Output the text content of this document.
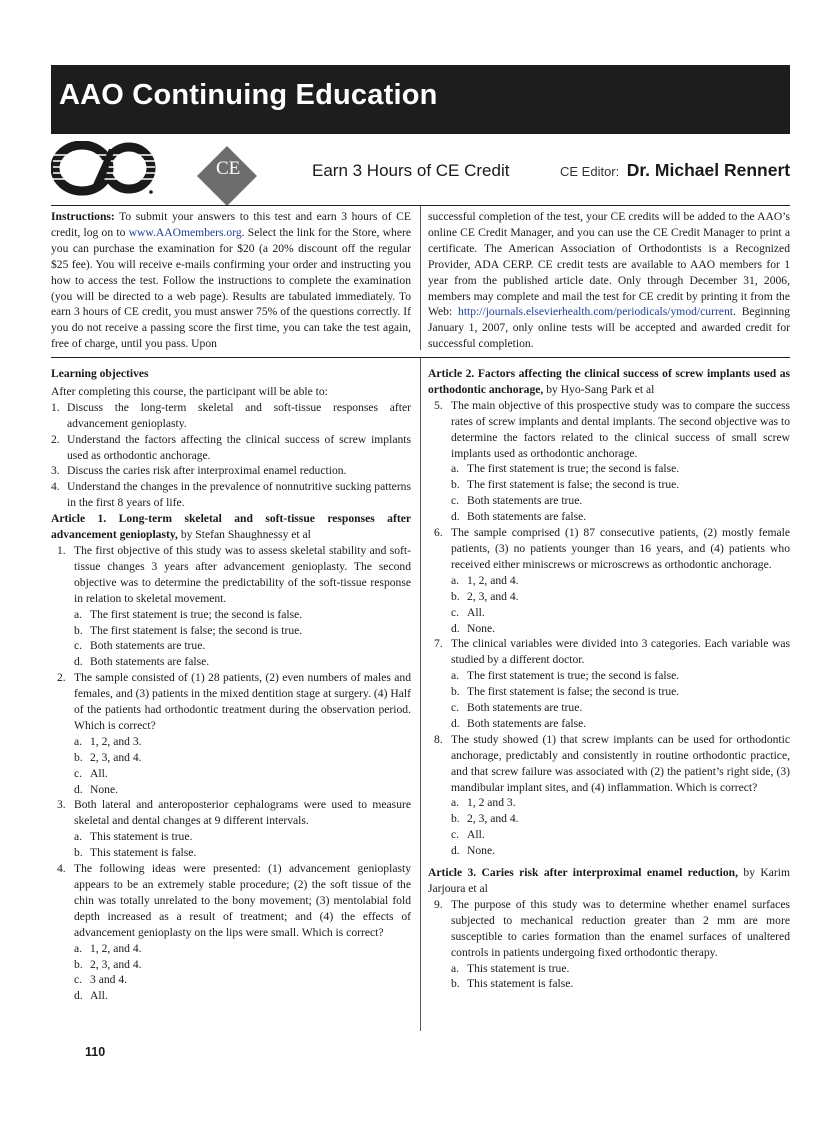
AAO Continuing Education
CE	Earn 3 Hours of CE Credit	CE Editor: Dr. Michael Rennert

Instructions: To submit your answers to this test and earn 3 hours of CE credit, log on to www.AAOmembers.org. Select the link for the Store, where you can purchase the examination for $20 (a 20% discount off the regular $25 fee). You will receive e-mails confirming your order and instructing you how to access the test. Follow the instructions to complete the examination (you will be directed to a web page). Results are tabulated immediately. To earn 3 hours of CE credit, you must answer 75% of the questions correctly. If you do not receive a passing score the first time, you can take the test again, free of charge, until you pass. Upon

successful completion of the test, your CE credits will be added to the AAO’s online CE Credit Manager, and you can use the CE Credit Manager to print a certificate. The American Association of Orthodontists is a Recognized Provider, ADA CERP. CE credit tests are available to AAO members for 1 year from the published article date. Only through December 31, 2006, members may complete and mail the test for CE credit by printing it from the Web: http://journals.elsevierhealth.com/periodicals/ymod/current. Beginning January 1, 2007, only online tests will be accepted and awarded credit for successful completion.

Learning objectives

After completing this course, the participant will be able to:

1. Discuss the long-term skeletal and soft-tissue responses after advancement genioplasty.

2. Understand the factors affecting the clinical success of screw implants used as orthodontic anchorage.

3. Discuss the caries risk after interproximal enamel reduction.

4. Understand the changes in the prevalence of nonnutritive sucking patterns in the first 8 years of life.

Article 1. Long-term skeletal and soft-tissue responses after advancement genioplasty, by Stefan Shaughnessy et al

1. The first objective of this study was to assess skeletal stability and soft-tissue changes 3 years after advancement genioplasty. The second objective was to determine the predictability of the soft-tissue response in relation to skeletal movement.

a. The first statement is true; the second is false.

b. The first statement is false; the second is true.

c. Both statements are true.

d. Both statements are false.

2. The sample consisted of (1) 28 patients, (2) even numbers of males and females, and (3) patients in the mixed dentition stage at surgery. (4) Half of the patients had orthodontic treatment during the observation period. Which is correct?

a. 1, 2, and 3.

b. 2, 3, and 4.

c. All.

d. None.

3. Both lateral and anteroposterior cephalograms were used to measure skeletal and dental changes at 9 different intervals.

a. This statement is true.

b. This statement is false.

4. The following ideas were presented: (1) advancement genioplasty appears to be an extremely stable procedure; (2) the soft tissue of the chin was totally unrelated to the bony movement; (3) mentolabial fold depth increased as a result of treatment; and (4) the effects of advancement genioplasty on the lips were small. Which is correct?

a. 1, 2, and 4.

b. 2, 3, and 4.

c. 3 and 4.

d. All.

Article 2. Factors affecting the clinical success of screw implants used as orthodontic anchorage, by Hyo-Sang Park et al

5. The main objective of this prospective study was to compare the success rates of screw implants and dental implants. The second objective was to determine the factors related to the clinical success of small screw implants used as orthodontic anchorage.

a. The first statement is true; the second is false.

b. The first statement is false; the second is true.

c. Both statements are true.

d. Both statements are false.

6. The sample comprised (1) 87 consecutive patients, (2) mostly female patients, (3) no patients younger than 16 years, and (4) patients who received either miniscrews or microscrews as orthodontic anchorage.

a. 1, 2, and 4.

b. 2, 3, and 4.

c. All.

d. None.

7. The clinical variables were divided into 3 categories. Each variable was studied by a different doctor.

a. The first statement is true; the second is false.

b. The first statement is false; the second is true.

c. Both statements are true.

d. Both statements are false.

8. The study showed (1) that screw implants can be used for orthodontic anchorage, predictably and consistently in routine orthodontic practice, and that screw failure was associated with (2) the patient’s right side, (3) mandibular implant sites, and (4) inflammation. Which is correct?

a. 1, 2 and 3.

b. 2, 3, and 4.

c. All.

d. None.

Article 3. Caries risk after interproximal enamel reduction, by Karim Jarjoura et al

9. The purpose of this study was to determine whether enamel surfaces subjected to mechanical reduction greater than 2 mm are more susceptible to caries formation than the enamel surfaces of unaltered controls in patients undergoing fixed orthodontic therapy.

a. This statement is true.

b. This statement is false.

110
